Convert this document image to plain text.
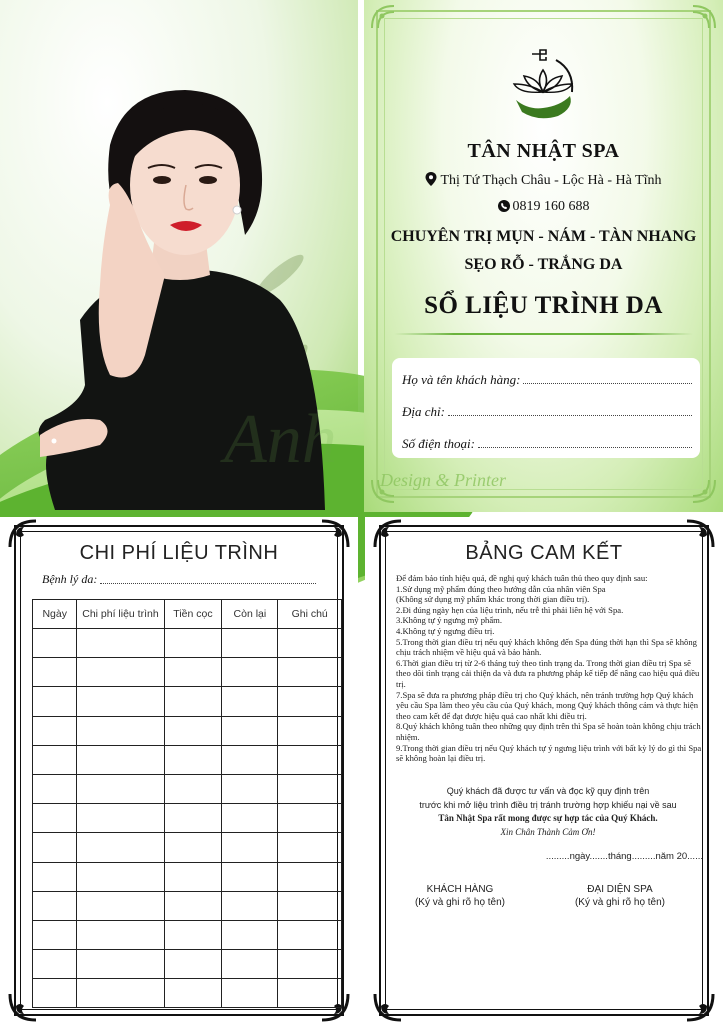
Anh
TÂN NHẬT SPA
Thị Tứ Thạch Châu - Lộc Hà - Hà Tĩnh
0819 160 688
CHUYÊN TRỊ MỤN - NÁM - TÀN NHANG
SẸO RỖ - TRẮNG DA
SỔ LIỆU TRÌNH DA
Họ và tên khách hàng:
Địa chỉ:
Số điện thoại:
Design & Printer
CHI PHÍ LIỆU TRÌNH
Bệnh lý da:
Ngày	Chi phí liệu trình	Tiền cọc	Còn lại	Ghi chú

BẢNG CAM KẾT

Để đảm bảo tính hiệu quả, đề nghị quý khách tuân thủ theo quy định sau:

1.Sử dụng mỹ phẩm đúng theo hướng dẫn của nhân viên Spa

(Không sử dụng mỹ phẩm khác trong thời gian điều trị).

2.Đi đúng ngày hẹn của liệu trình, nếu trễ thì phải liên hệ với Spa.

3.Không tự ý ngưng mỹ phẩm.

4.Không tự ý ngưng điều trị.

5.Trong thời gian điều trị nếu quý khách không đến Spa đúng thời hạn thì Spa sẽ không chịu trách nhiệm về hiệu quả và bảo hành.

6.Thời gian điều trị từ 2-6 tháng tuỳ theo tình trạng da. Trong thời gian điều trị Spa sẽ theo dõi tình trạng cải thiện da và đưa ra phương pháp kế tiếp để nâng cao hiệu quả điều trị.

7.Spa sẽ đưa ra phương pháp điều trị cho Quý khách, nên tránh trường hợp Quý khách yêu cầu Spa làm theo yêu cầu của Quý khách, mong Quý khách thông cảm và thực hiện theo cam kết để đạt được hiệu quả cao nhất khi điều trị.

8.Quý khách không tuân theo những quy định trên thì Spa sẽ hoàn toàn không chịu trách nhiệm.

9.Trong thời gian điều trị nếu Quý khách tự ý ngưng liệu trình với bất kỳ lý do gì thì Spa sẽ không hoàn lại điều trị.

Quý khách đã được tư vấn và đọc kỹ quy định trên
trước khi mở liệu trình điều trị tránh trường hợp khiếu nại về sau
Tân Nhật Spa rất mong được sự hợp tác của Quý Khách.
Xin Chân Thành Cảm Ơn!
.........ngày.......tháng.........năm 20......
KHÁCH HÀNG
(Ký và ghi rõ họ tên)
ĐẠI DIỆN SPA
(Ký và ghi rõ họ tên)
